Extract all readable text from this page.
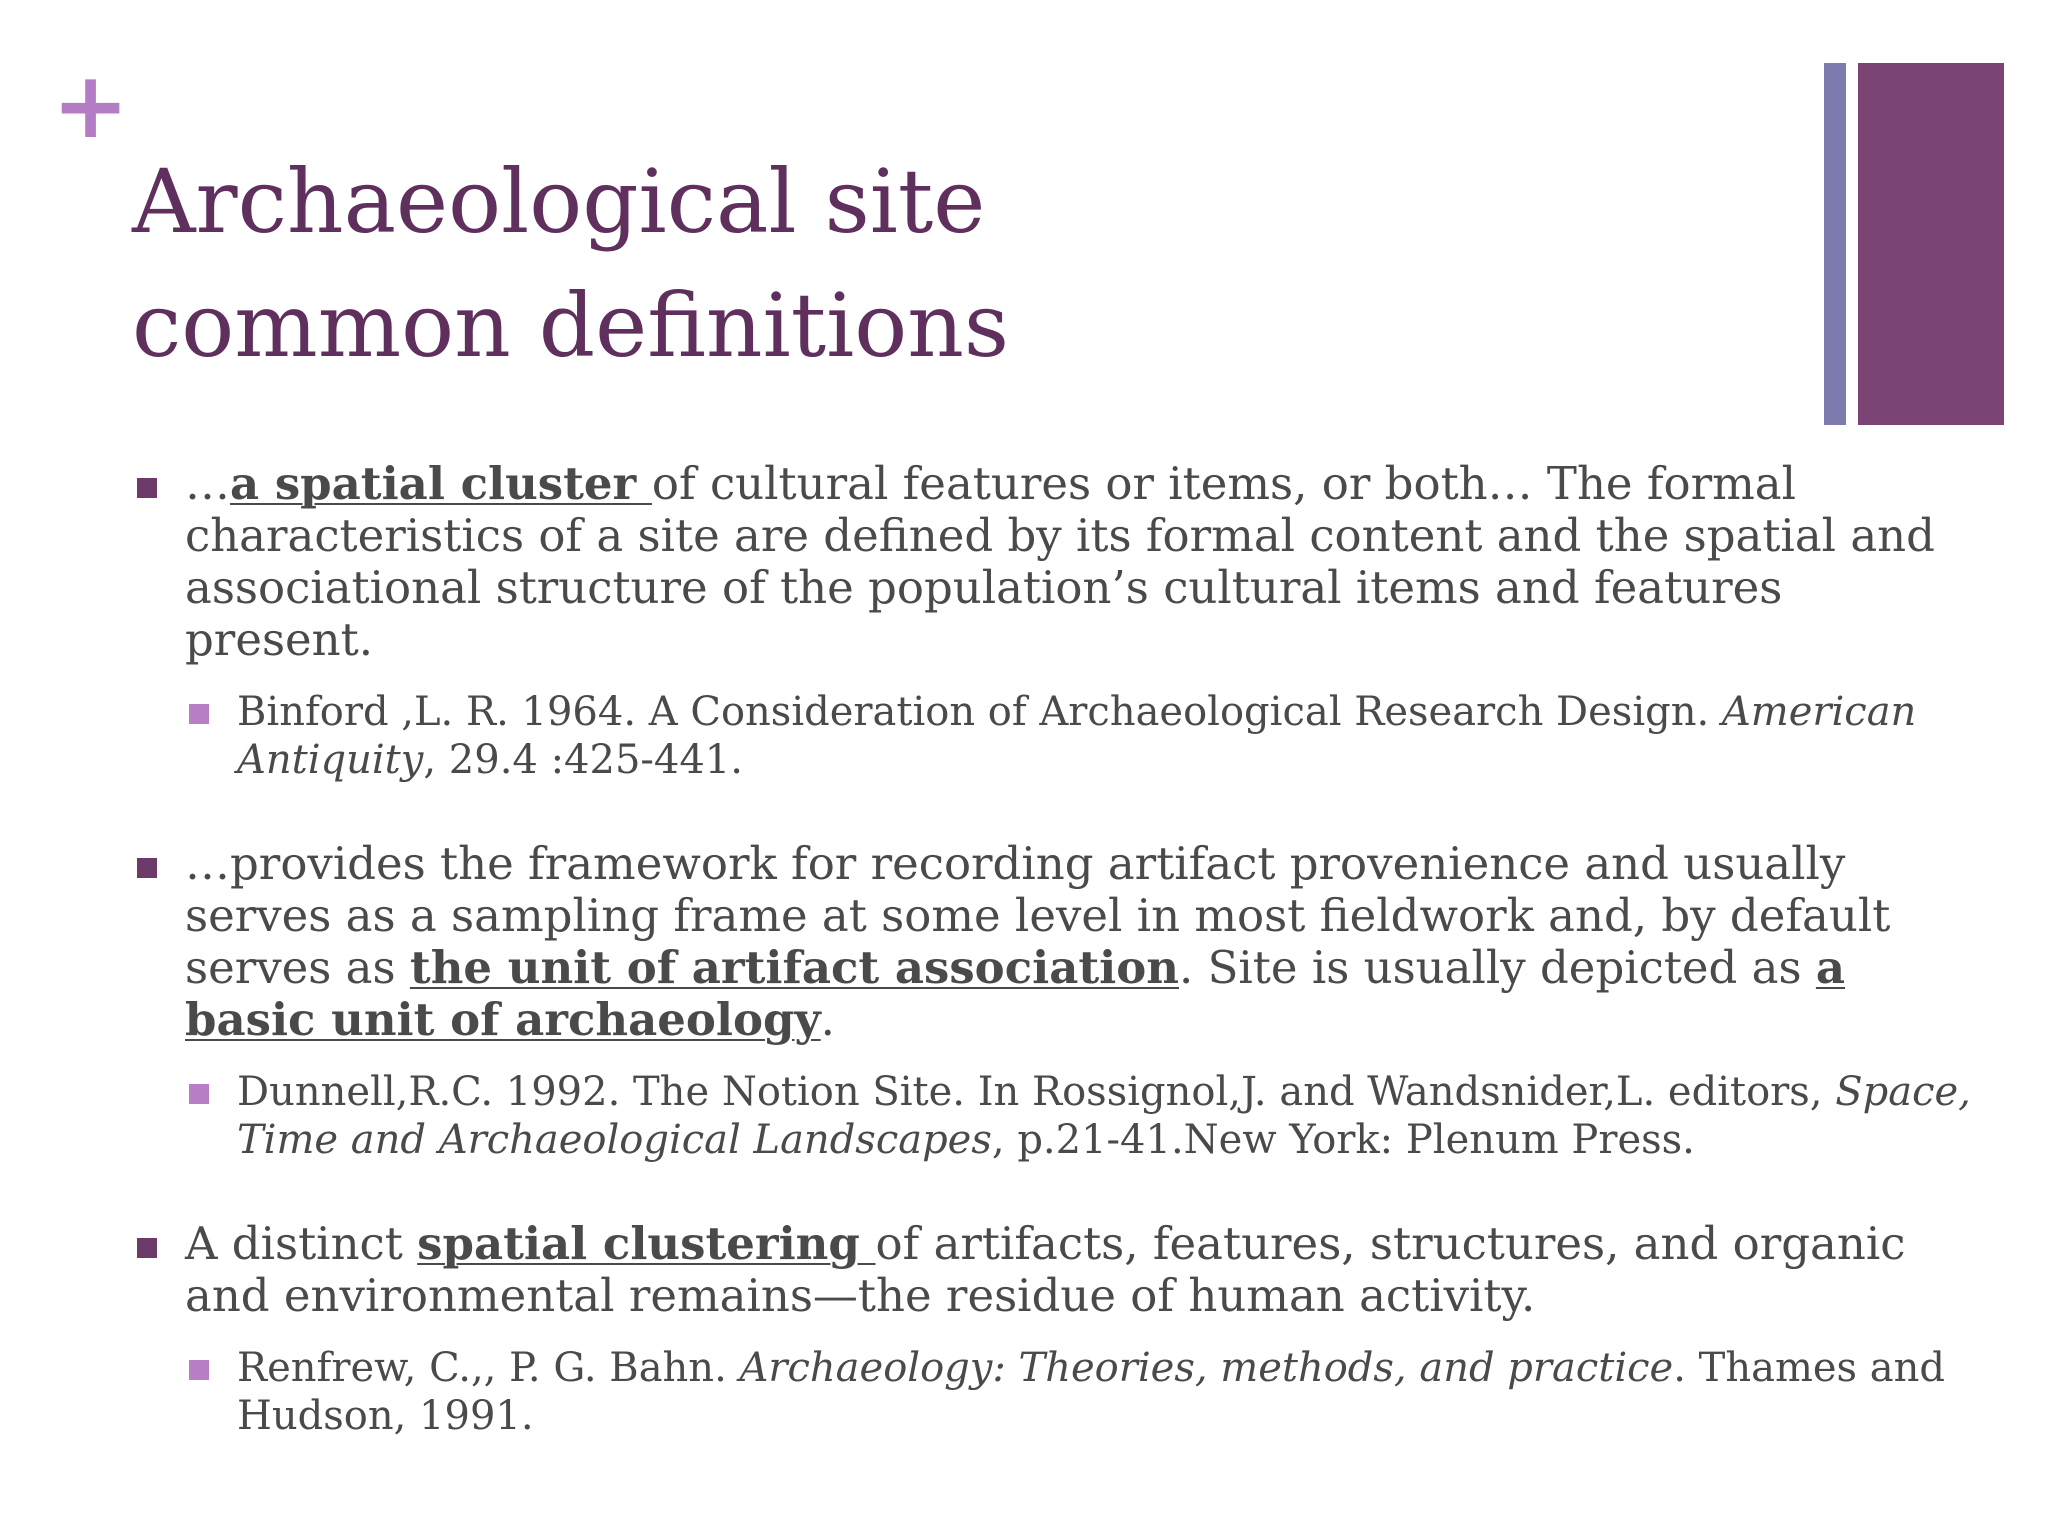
+
Archaeological site
common definitions
…a spatial cluster of cultural features or items, or both… The formal characteristics of a site are defined by its formal content and the spatial and associational structure of the population’s cultural items and features present.
Binford ,L. R. 1964. A Consideration of Archaeological Research Design. American Antiquity, 29.4 :425-441.
…provides the framework for recording artifact provenience and usually serves as a sampling frame at some level in most fieldwork and, by default serves as the unit of artifact association. Site is usually depicted as a basic unit of archaeology.
Dunnell,R.C. 1992. The Notion Site. In Rossignol,J. and Wandsnider,L. editors, Space, Time and Archaeological Landscapes, p.21-41.New York: Plenum Press.
A distinct spatial clustering of artifacts, features, structures, and organic and environmental remains—the residue of human activity.
Renfrew, C.,, P. G. Bahn. Archaeology: Theories, methods, and practice. Thames and Hudson, 1991.
